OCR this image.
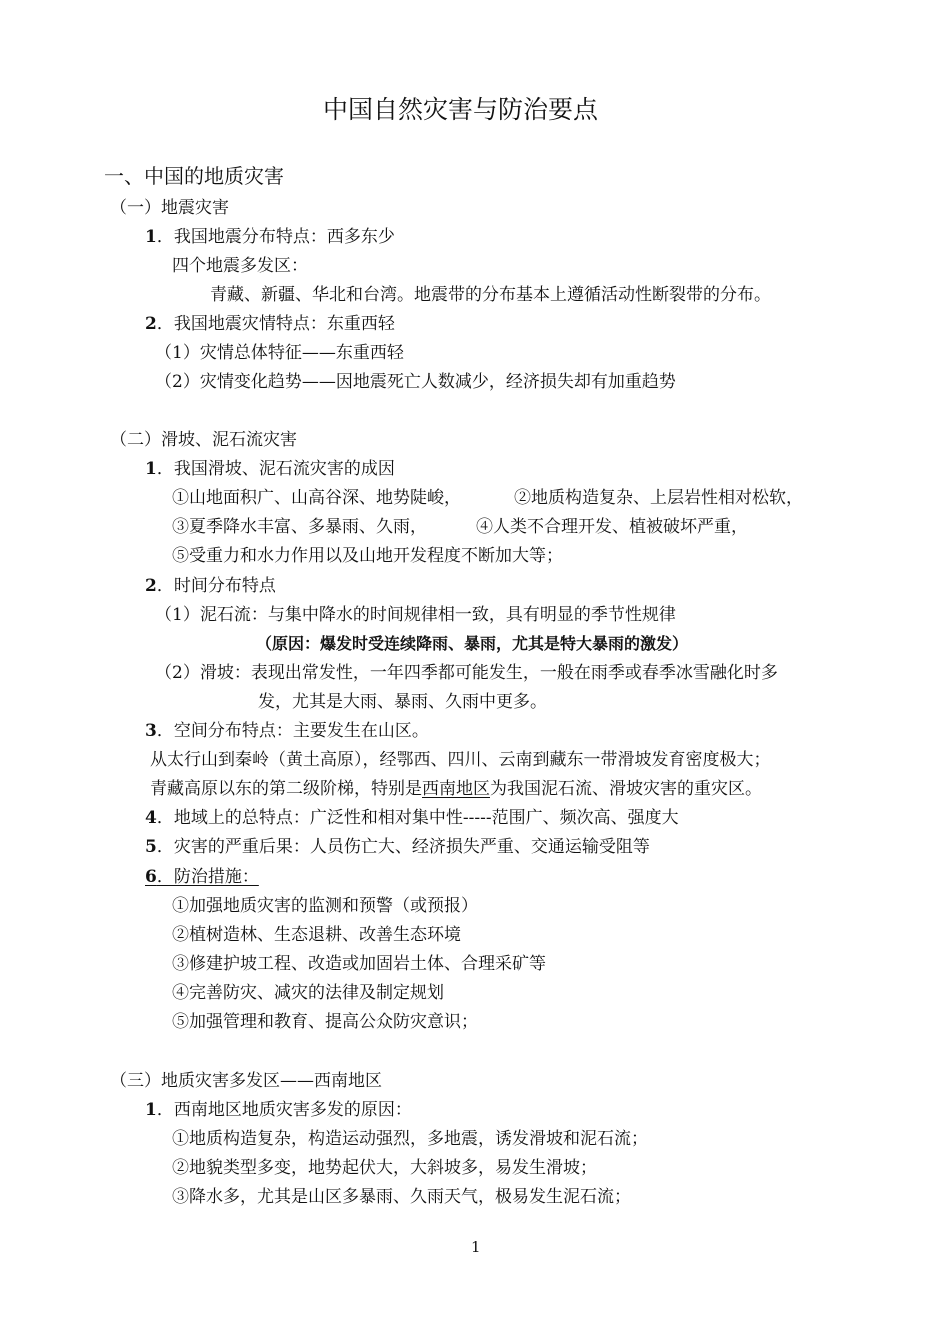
中国自然灾害与防治要点
一、中国的地质灾害
（一）地震灾害
1．我国地震分布特点：西多东少
四个地震多发区：
青藏、新疆、华北和台湾。地震带的分布基本上遵循活动性断裂带的分布。
2．我国地震灾情特点：东重西轻
（1）灾情总体特征——东重西轻
（2）灾情变化趋势——因地震死亡人数减少，经济损失却有加重趋势
（二）滑坡、泥石流灾害
1．我国滑坡、泥石流灾害的成因
①山地面积广、山高谷深、地势陡峻，	②地质构造复杂、上层岩性相对松软，
③夏季降水丰富、多暴雨、久雨，	④人类不合理开发、植被破坏严重，
⑤受重力和水力作用以及山地开发程度不断加大等；
2．时间分布特点
（1）泥石流：与集中降水的时间规律相一致，具有明显的季节性规律
（原因：爆发时受连续降雨、暴雨，尤其是特大暴雨的激发）
（2）滑坡：表现出常发性，一年四季都可能发生，一般在雨季或春季冰雪融化时多
发，尤其是大雨、暴雨、久雨中更多。
3．空间分布特点：主要发生在山区。
从太行山到秦岭（黄土高原），经鄂西、四川、云南到藏东一带滑坡发育密度极大；
青藏高原以东的第二级阶梯，特别是西南地区为我国泥石流、滑坡灾害的重灾区。
4．地域上的总特点：广泛性和相对集中性-----范围广、频次高、强度大
5．灾害的严重后果：人员伤亡大、经济损失严重、交通运输受阻等
6．防治措施：
①加强地质灾害的监测和预警（或预报）
②植树造林、生态退耕、改善生态环境
③修建护坡工程、改造或加固岩土体、合理采矿等
④完善防灾、减灾的法律及制定规划
⑤加强管理和教育、提高公众防灾意识；
（三）地质灾害多发区——西南地区
1．西南地区地质灾害多发的原因：
①地质构造复杂，构造运动强烈，多地震，诱发滑坡和泥石流；
②地貌类型多变，地势起伏大，大斜坡多，易发生滑坡；
③降水多，尤其是山区多暴雨、久雨天气，极易发生泥石流；
1
